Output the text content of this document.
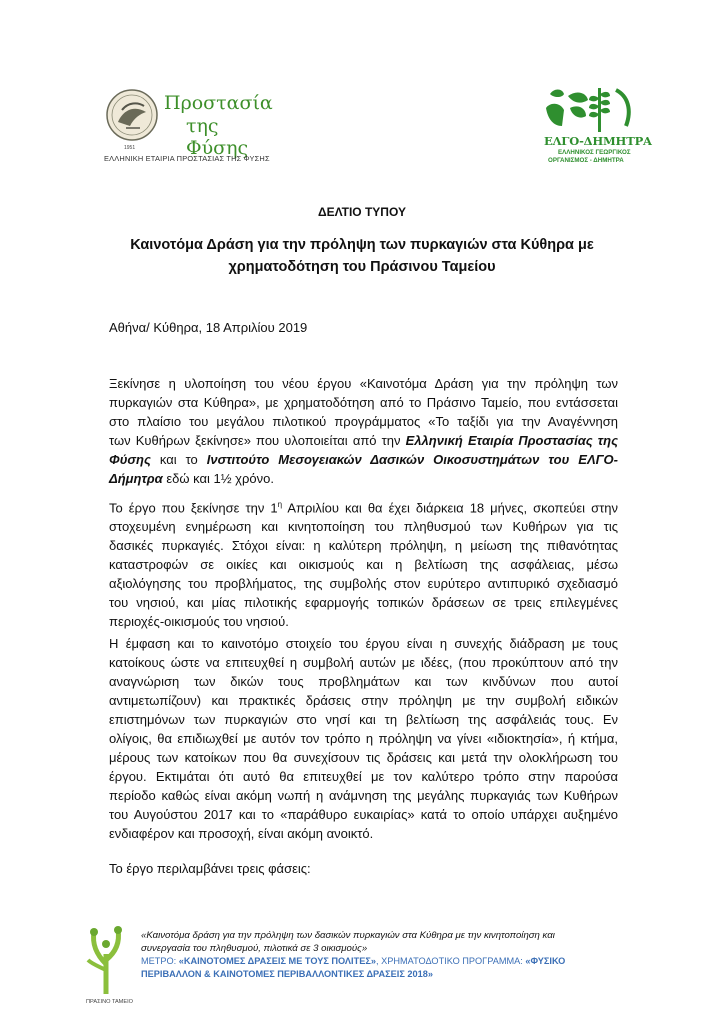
Προστασία
της Φύσης
1951
ΕΛΛΗΝΙΚΗ ΕΤΑΙΡΙΑ ΠΡΟΣΤΑΣΙΑΣ ΤΗΣ ΦΥΣΗΣ
ΕΛΓΟ-ΔΗΜΗΤΡΑ
ΕΛΛΗΝΙΚΟΣ ΓΕΩΡΓΙΚΟΣ
ΟΡΓΑΝΙΣΜΟΣ - ΔΗΜΗΤΡΑ
ΔΕΛΤΙΟ ΤΥΠΟΥ
Καινοτόμα Δράση για την πρόληψη των πυρκαγιών στα Κύθηρα με
χρηματοδότηση του Πράσινου Ταμείου
Αθήνα/ Κύθηρα, 18 Απριλίου 2019
Ξεκίνησε η υλοποίηση του νέου έργου «Καινοτόμα Δράση για την πρόληψη των
πυρκαγιών στα Κύθηρα», με χρηματοδότηση από το Πράσινο Ταμείο, που εντάσσεται
στο πλαίσιο του μεγάλου πιλοτικού προγράμματος «Το ταξίδι για την Αναγέννηση
των Κυθήρων ξεκίνησε» που υλοποιείται από την Ελληνική Εταιρία Προστασίας της
Φύσης και το Ινστιτούτο Μεσογειακών Δασικών Οικοσυστημάτων του ΕΛΓΟ-
Δήμητρα εδώ και 1½ χρόνο.
Το έργο που ξεκίνησε την $1^\eta$ Απριλίου και θα έχει διάρκεια 18 μήνες, σκοπεύει στην
στοχευμένη ενημέρωση και κινητοποίηση του πληθυσμού των Κυθήρων για τις
δασικές πυρκαγιές. Στόχοι είναι: η καλύτερη πρόληψη, η μείωση της πιθανότητας
καταστροφών σε οικίες και οικισμούς και η βελτίωση της ασφάλειας, μέσω
αξιολόγησης του προβλήματος, της συμβολής στον ευρύτερο αντιπυρικό σχεδιασμό
του νησιού, και μίας πιλοτικής εφαρμογής τοπικών δράσεων σε τρεις επιλεγμένες
περιοχές-οικισμούς του νησιού.
Η έμφαση και το καινοτόμο στοιχείο του έργου είναι η συνεχής διάδραση με τους
κατοίκους ώστε να επιτευχθεί η συμβολή αυτών με ιδέες, (που προκύπτουν από την
αναγνώριση των δικών τους προβλημάτων και των κινδύνων που αυτοί
αντιμετωπίζουν) και πρακτικές δράσεις στην πρόληψη με την συμβολή ειδικών
επιστημόνων των πυρκαγιών στο νησί και τη βελτίωση της ασφάλειάς τους. Εν
ολίγοις, θα επιδιωχθεί με αυτόν τον τρόπο η πρόληψη να γίνει «ιδιοκτησία», ή κτήμα,
μέρους των κατοίκων που θα συνεχίσουν τις δράσεις και μετά την ολοκλήρωση του
έργου. Εκτιμάται ότι αυτό θα επιτευχθεί με τον καλύτερο τρόπο στην παρούσα
περίοδο καθώς είναι ακόμη νωπή η ανάμνηση της μεγάλης πυρκαγιάς των Κυθήρων
του Αυγούστου 2017 και το «παράθυρο ευκαιρίας» κατά το οποίο υπάρχει αυξημένο
ενδιαφέρον και προσοχή, είναι ακόμη ανοικτό.
Το έργο περιλαμβάνει τρεις φάσεις:
ΠΡΑΣΙΝΟ ΤΑΜΕΙΟ
«Καινοτόμα δράση για την πρόληψη των δασικών πυρκαγιών στα Κύθηρα με την κινητοποίηση και
συνεργασία του πληθυσμού, πιλοτικά σε 3 οικισμούς»
ΜΕΤΡΟ: «ΚΑΙΝΟΤΟΜΕΣ ΔΡΑΣΕΙΣ ΜΕ ΤΟΥΣ ΠΟΛΙΤΕΣ», ΧΡΗΜΑΤΟΔΟΤΙΚΟ ΠΡΟΓΡΑΜΜΑ: «ΦΥΣΙΚΟ
ΠΕΡΙΒΑΛΛΟΝ & ΚΑΙΝΟΤΟΜΕΣ ΠΕΡΙΒΑΛΛΟΝΤΙΚΕΣ ΔΡΑΣΕΙΣ 2018»
